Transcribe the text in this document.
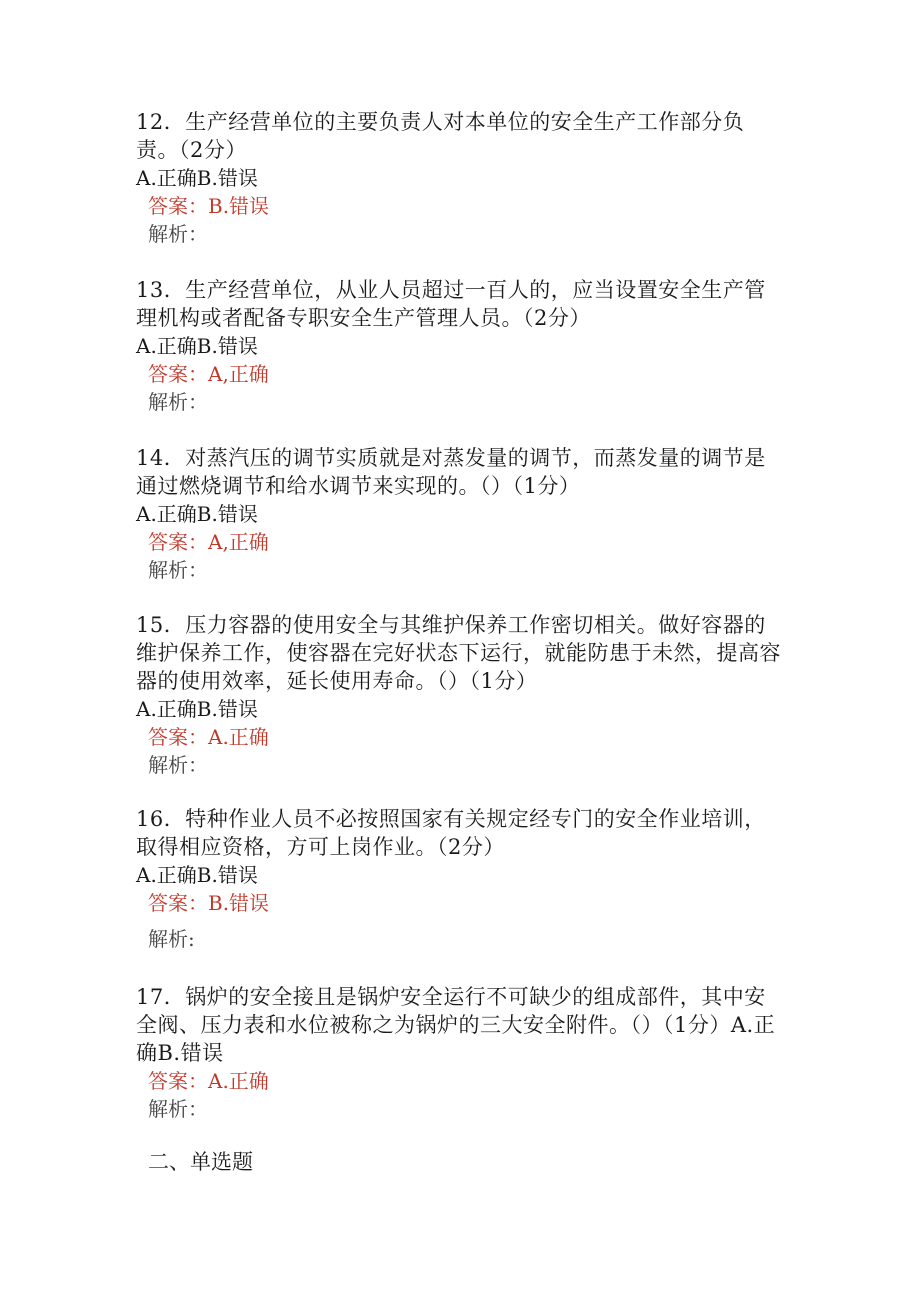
12．生产经营单位的主要负责人对本单位的安全生产工作部分负责。（2分）

A.正确B.错误

答案：B.错误

解析：

13．生产经营单位，从业人员超过一百人的，应当设置安全生产管理机构或者配备专职安全生产管理人员。（2分）

A.正确B.错误

答案：A,正确

解析：

14．对蒸汽压的调节实质就是对蒸发量的调节，而蒸发量的调节是通过燃烧调节和给水调节来实现的。（）（1分）

A.正确B.错误

答案：A,正确

解析：

15．压力容器的使用安全与其维护保养工作密切相关。做好容器的维护保养工作，使容器在完好状态下运行，就能防患于未然，提高容器的使用效率，延长使用寿命。（）（1分）

A.正确B.错误

答案：A.正确

解析：

16．特种作业人员不必按照国家有关规定经专门的安全作业培训，取得相应资格，方可上岗作业。（2分）

A.正确B.错误

答案：B.错误

解析:

17．锅炉的安全接且是锅炉安全运行不可缺少的组成部件，其中安全阀、压力表和水位被称之为锅炉的三大安全附件。（）（1分）A.正确B.错误

答案：A.正确

解析：

二、单选题
